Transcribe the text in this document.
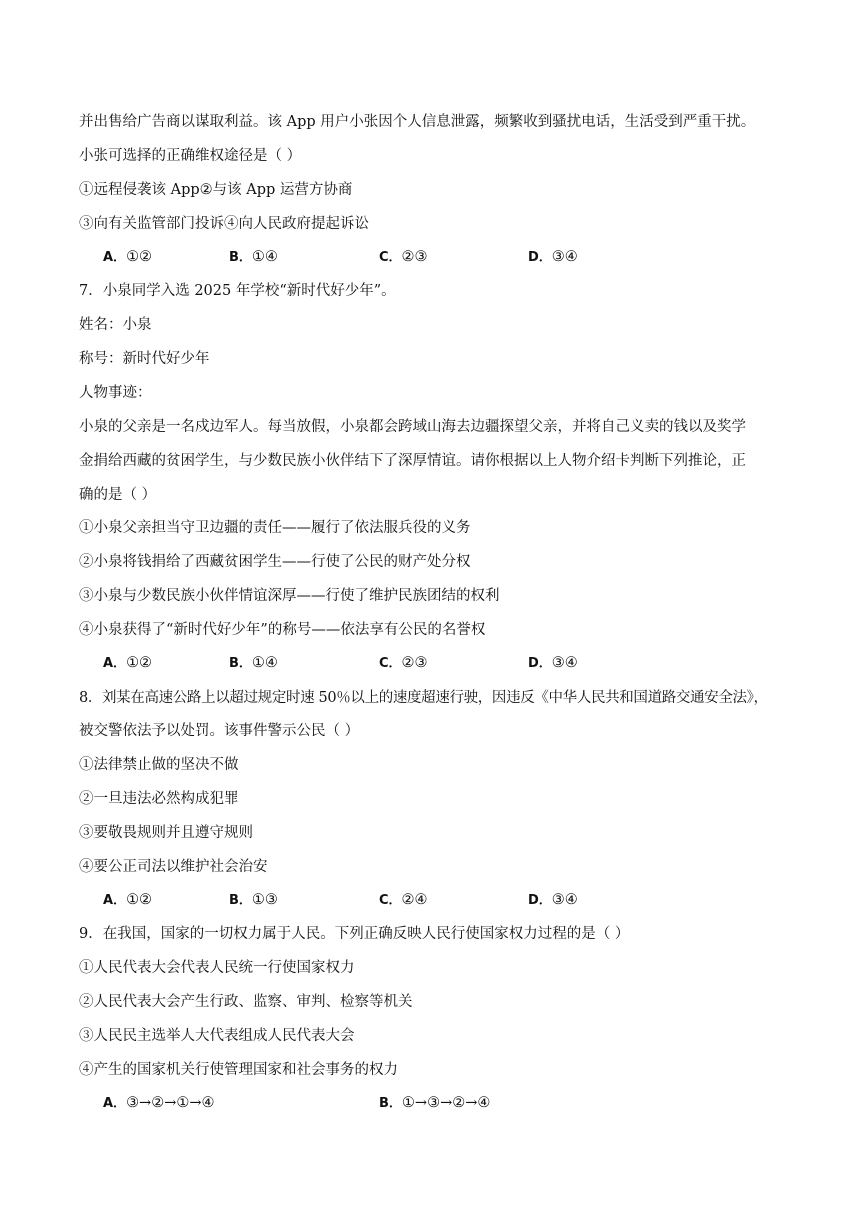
并出售给广告商以谋取利益。该 App 用户小张因个人信息泄露，频繁收到骚扰电话，生活受到严重干扰。
小张可选择的正确维权途径是（ ）
①远程侵袭该 App②与该 App 运营方协商
③向有关监管部门投诉④向人民政府提起诉讼
A．①②	B．①④	C．②③	D．③④
7．小泉同学入选 2025 年学校“新时代好少年”。
姓名：小泉
称号：新时代好少年
人物事迹：
小泉的父亲是一名戍边军人。每当放假，小泉都会跨域山海去边疆探望父亲，并将自己义卖的钱以及奖学
金捐给西藏的贫困学生，与少数民族小伙伴结下了深厚情谊。请你根据以上人物介绍卡判断下列推论，正
确的是（ ）
①小泉父亲担当守卫边疆的责任——履行了依法服兵役的义务
②小泉将钱捐给了西藏贫困学生——行使了公民的财产处分权
③小泉与少数民族小伙伴情谊深厚——行使了维护民族团结的权利
④小泉获得了“新时代好少年”的称号——依法享有公民的名誉权
A．①②	B．①④	C．②③	D．③④
8．刘某在高速公路上以超过规定时速 50％以上的速度超速行驶，因违反《中华人民共和国道路交通安全法》，
被交警依法予以处罚。该事件警示公民（ ）
①法律禁止做的坚决不做
②一旦违法必然构成犯罪
③要敬畏规则并且遵守规则
④要公正司法以维护社会治安
A．①②	B．①③	C．②④	D．③④
9．在我国，国家的一切权力属于人民。下列正确反映人民行使国家权力过程的是（ ）
①人民代表大会代表人民统一行使国家权力
②人民代表大会产生行政、监察、审判、检察等机关
③人民民主选举人大代表组成人民代表大会
④产生的国家机关行使管理国家和社会事务的权力
A．③→②→①→④	B．①→③→②→④
